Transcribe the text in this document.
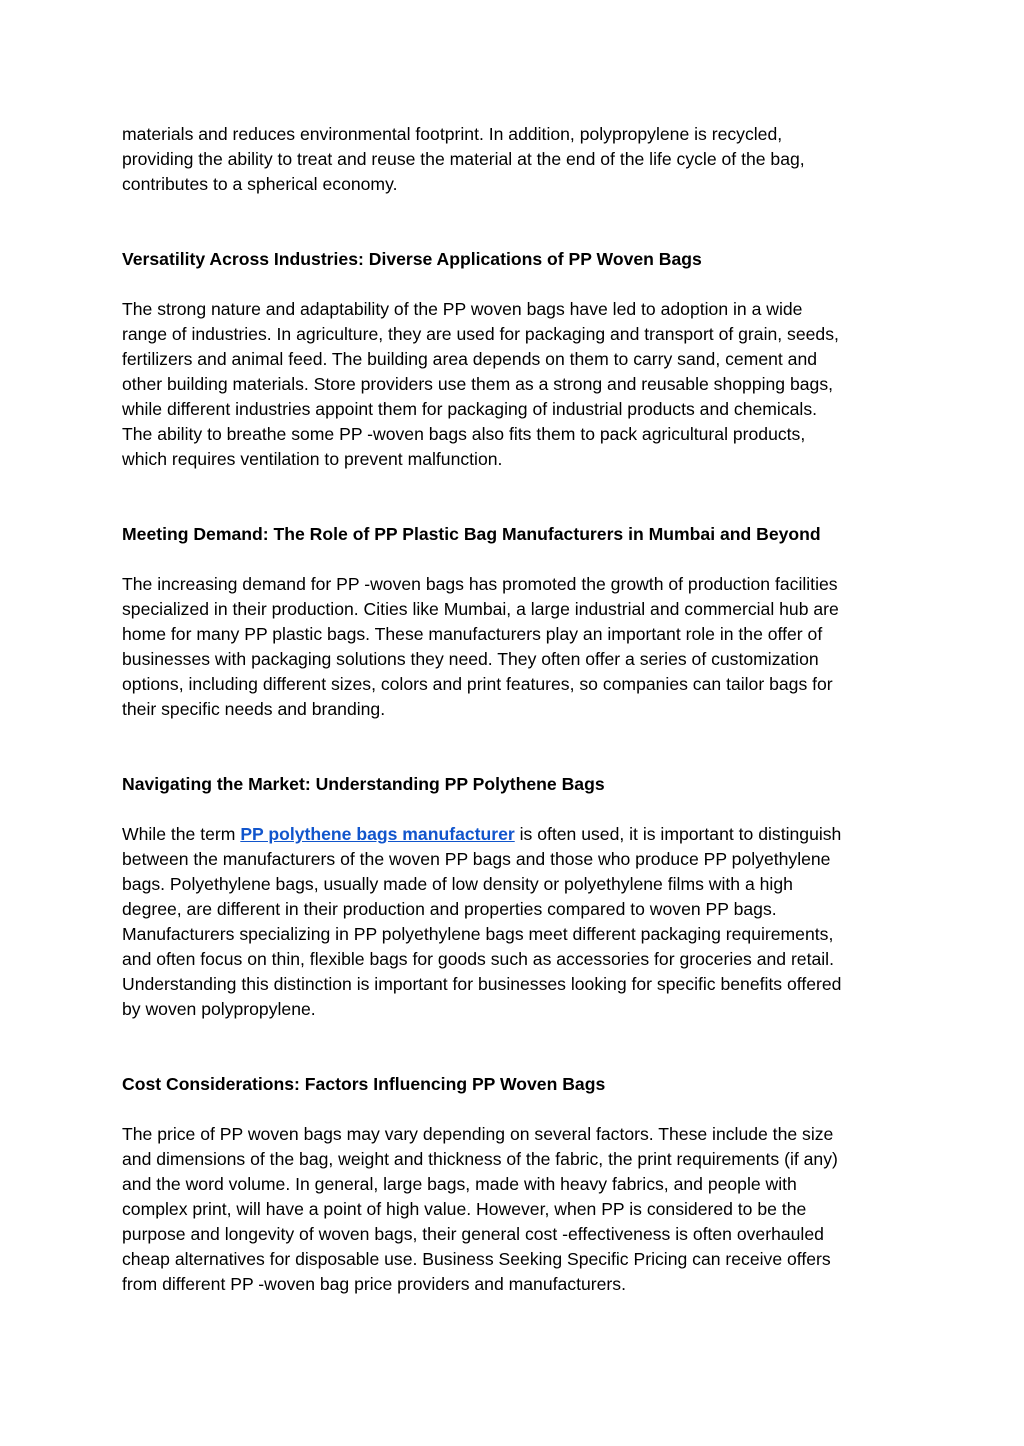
materials and reduces environmental footprint. In addition, polypropylene is recycled,
providing the ability to treat and reuse the material at the end of the life cycle of the bag,
contributes to a spherical economy.

Versatility Across Industries: Diverse Applications of PP Woven Bags

The strong nature and adaptability of the PP woven bags have led to adoption in a wide
range of industries. In agriculture, they are used for packaging and transport of grain, seeds,
fertilizers and animal feed. The building area depends on them to carry sand, cement and
other building materials. Store providers use them as a strong and reusable shopping bags,
while different industries appoint them for packaging of industrial products and chemicals.
The ability to breathe some PP -woven bags also fits them to pack agricultural products,
which requires ventilation to prevent malfunction.

Meeting Demand: The Role of PP Plastic Bag Manufacturers in Mumbai and Beyond

The increasing demand for PP -woven bags has promoted the growth of production facilities
specialized in their production. Cities like Mumbai, a large industrial and commercial hub are
home for many PP plastic bags. These manufacturers play an important role in the offer of
businesses with packaging solutions they need. They often offer a series of customization
options, including different sizes, colors and print features, so companies can tailor bags for
their specific needs and branding.

Navigating the Market: Understanding PP Polythene Bags

While the term PP polythene bags manufacturer is often used, it is important to distinguish
between the manufacturers of the woven PP bags and those who produce PP polyethylene
bags. Polyethylene bags, usually made of low density or polyethylene films with a high
degree, are different in their production and properties compared to woven PP bags.
Manufacturers specializing in PP polyethylene bags meet different packaging requirements,
and often focus on thin, flexible bags for goods such as accessories for groceries and retail.
Understanding this distinction is important for businesses looking for specific benefits offered
by woven polypropylene.

Cost Considerations: Factors Influencing PP Woven Bags

The price of PP woven bags may vary depending on several factors. These include the size
and dimensions of the bag, weight and thickness of the fabric, the print requirements (if any)
and the word volume. In general, large bags, made with heavy fabrics, and people with
complex print, will have a point of high value. However, when PP is considered to be the
purpose and longevity of woven bags, their general cost -effectiveness is often overhauled
cheap alternatives for disposable use. Business Seeking Specific Pricing can receive offers
from different PP -woven bag price providers and manufacturers.
